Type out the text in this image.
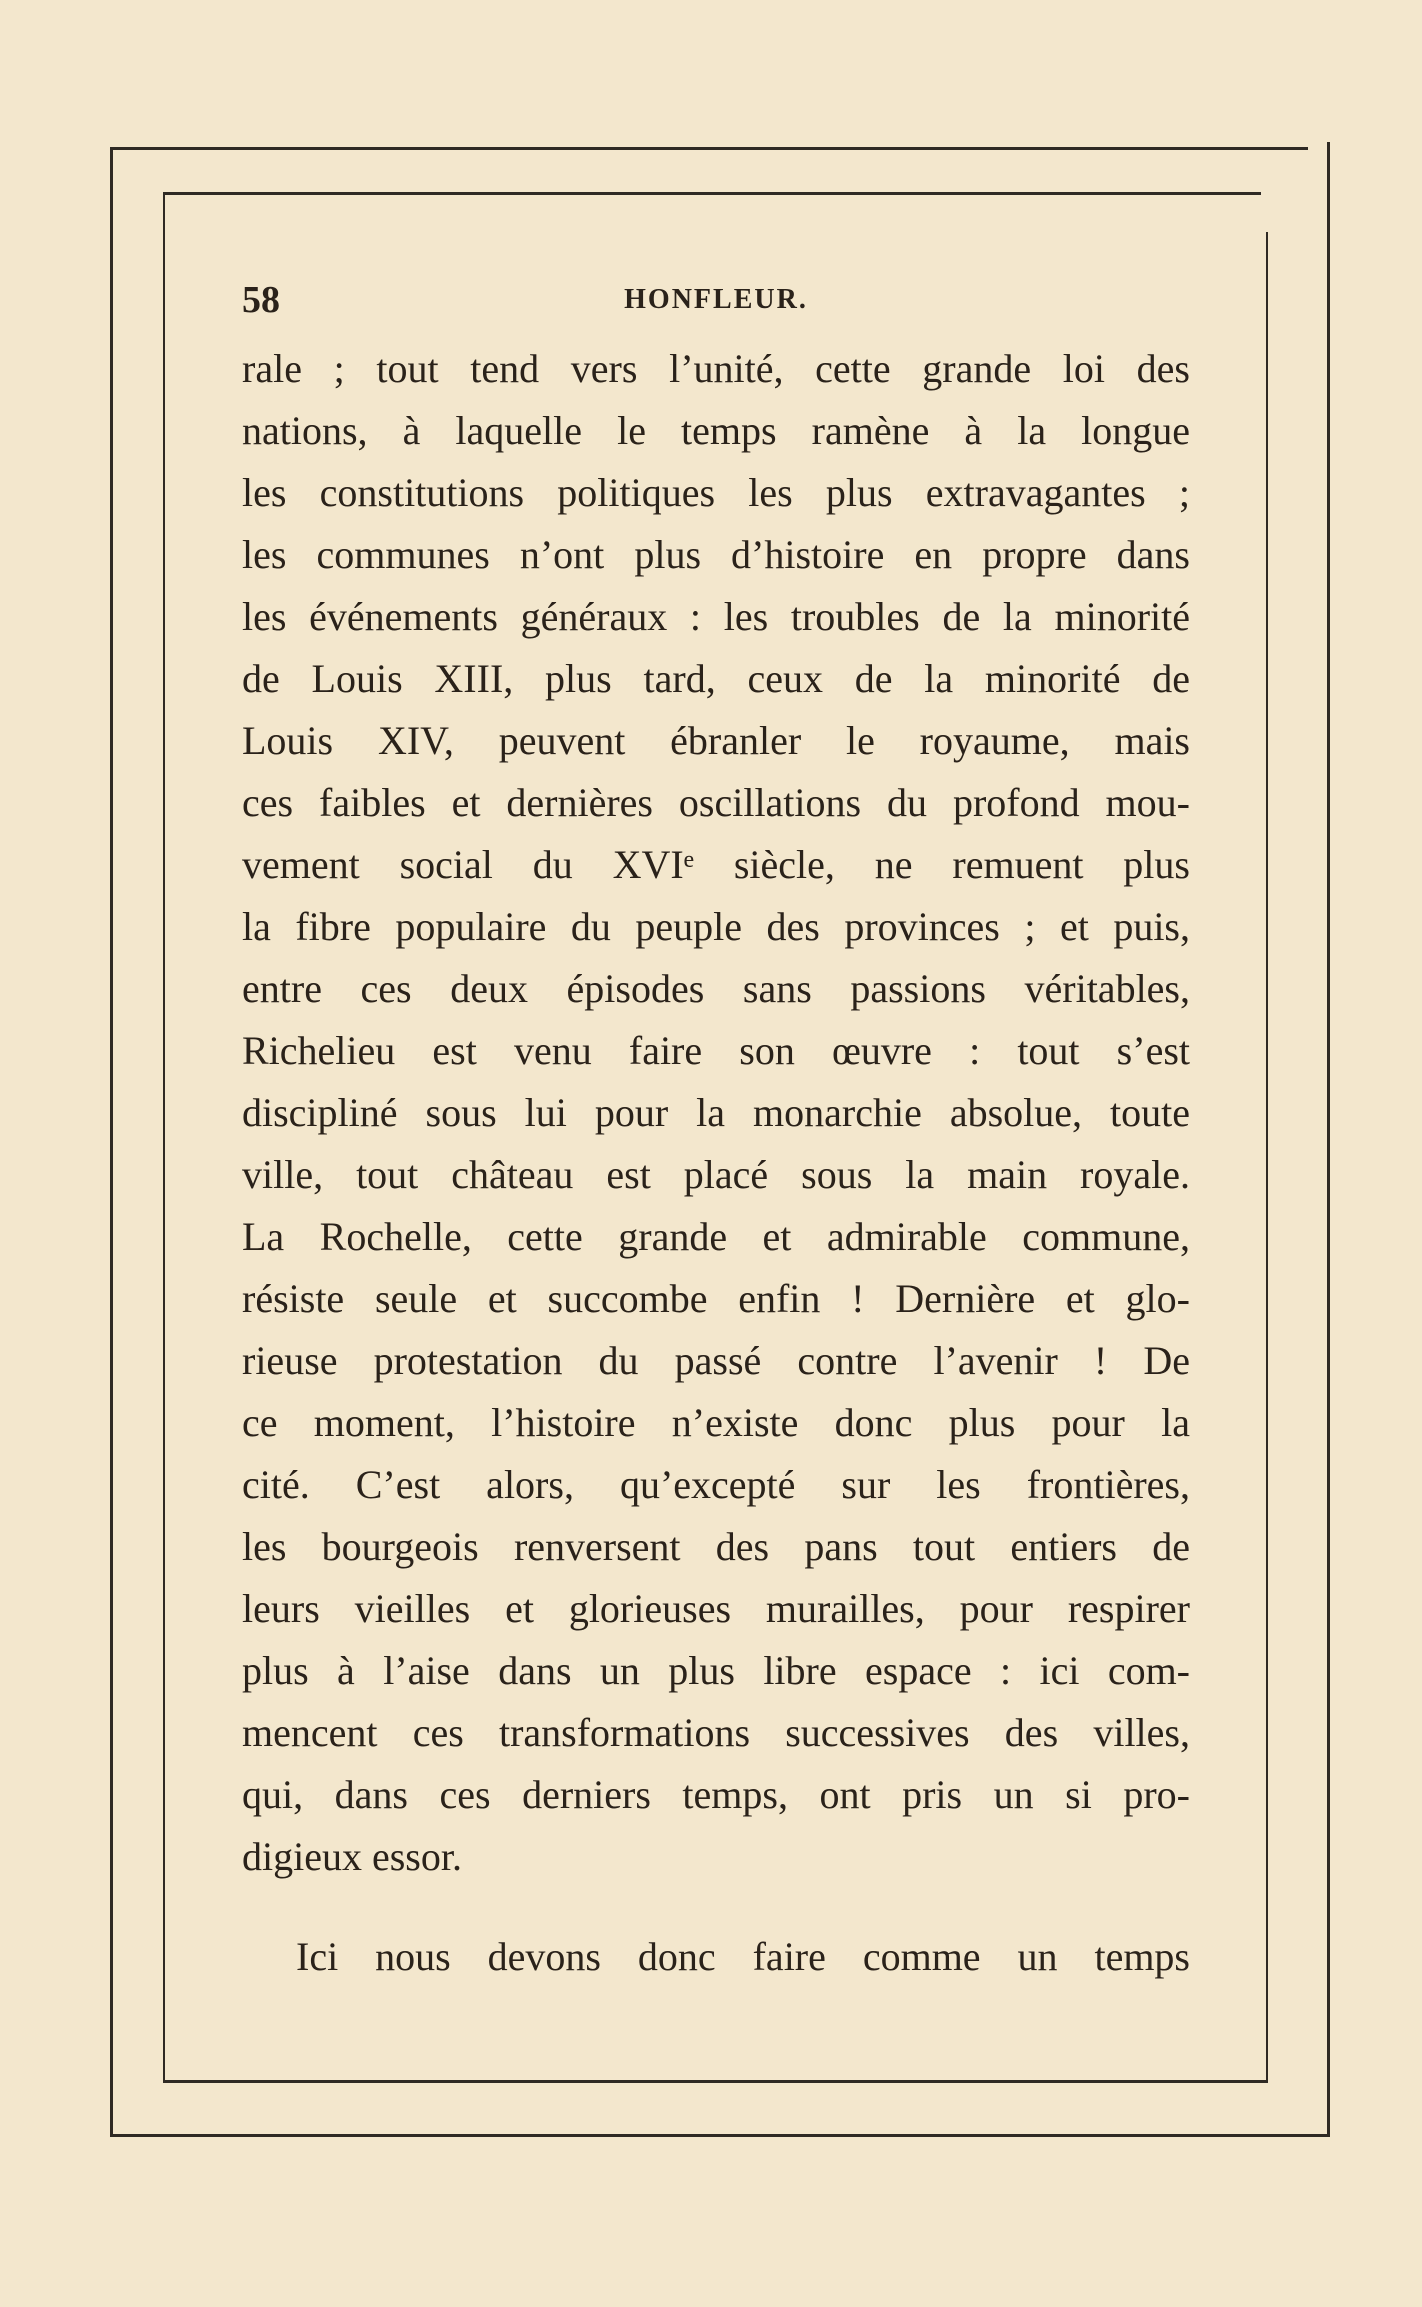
58	HONFLEUR.
rale ; tout tend vers l’unité, cette grande loi des
nations, à laquelle le temps ramène à la longue
les constitutions politiques les plus extravagantes ;
les communes n’ont plus d’histoire en propre dans
les événements généraux : les troubles de la minorité
de Louis XIII, plus tard, ceux de la minorité de
Louis XIV, peuvent ébranler le royaume, mais
ces faibles et dernières oscillations du profond mou-
vement social du XVIᵉ siècle, ne remuent plus
la fibre populaire du peuple des provinces ; et puis,
entre ces deux épisodes sans passions véritables,
Richelieu est venu faire son œuvre : tout s’est
discipliné sous lui pour la monarchie absolue, toute
ville, tout château est placé sous la main royale.
La Rochelle, cette grande et admirable commune,
résiste seule et succombe enfin ! Dernière et glo-
rieuse protestation du passé contre l’avenir ! De
ce moment, l’histoire n’existe donc plus pour la
cité. C’est alors, qu’excepté sur les frontières,
les bourgeois renversent des pans tout entiers de
leurs vieilles et glorieuses murailles, pour respirer
plus à l’aise dans un plus libre espace : ici com-
mencent ces transformations successives des villes,
qui, dans ces derniers temps, ont pris un si pro-
digieux essor.
Ici nous devons donc faire comme un temps
